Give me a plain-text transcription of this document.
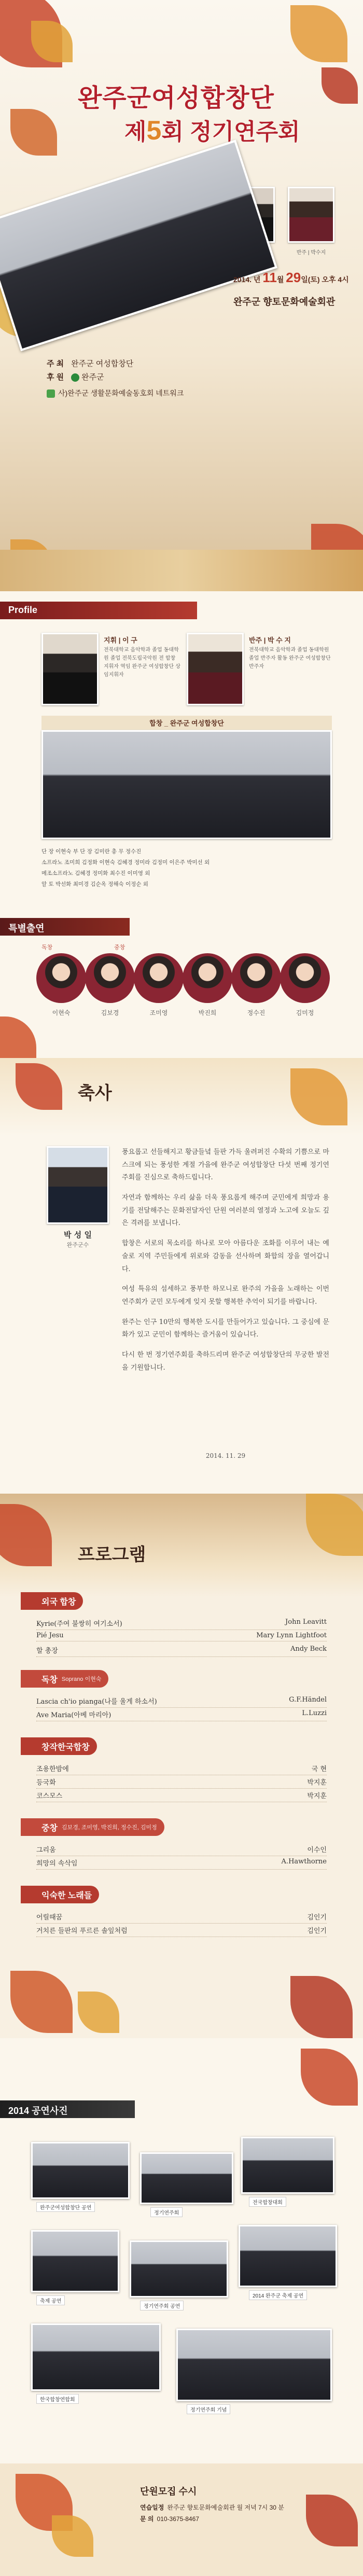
완주군여성합창단
제5회 정기연주회
반주 | 박수지
2014. 년 11월 29일(토) 오후 4시
완주군 향토문화예술회관
주 최 완주군 여성합창단
후 원 완주군
사)완주군 생활문화예술동호회 네트워크
Profile
지휘 | 이 구
전북대학교 음악학과 졸업 동대학원 졸업 전북도립국악원 전 합창 지휘자 역임 완주군 여성합창단 상임지휘자
반주 | 박 수 지
전북대학교 음악학과 졸업 동대학원 졸업 반주자 활동 완주군 여성합창단 반주자
합창 _ 완주군 여성합창단
단 장 이현숙 부 단 장 김미란 총 무 정수진
소프라노 조미희 김정화 이현숙 김혜경 정미라 김정미 이은주 박미선 외
메조소프라노 김혜경 정미화 최수진 이미영 외
알 토 박선화 최미경 김순옥 정해숙 이정순 외
특별출연
독창	중창
이현숙	김보경	조미영	박진희	정수진	김미정
축사
박 성 일
완주군수

풍요롭고 선들해지고 황금들녘 들판 가득 울려퍼진 수확의 기쁨으로 마스크에 되는 풍성한 계절 가을에 완주군 여성합창단 다섯 번째 정기연주회를 진심으로 축하드립니다.

자연과 함께하는 우리 삶을 더욱 풍요롭게 해주며 군민에게 희망과 용기를 전달해주는 문화전달자인 단원 여러분의 열정과 노고에 오늘도 깊은 격려를 보냅니다.

합창은 서로의 목소리를 하나로 모아 아름다운 조화를 이루어 내는 예술로 지역 주민들에게 위로와 감동을 선사하며 화합의 장을 열어갑니다.

여성 특유의 섬세하고 풍부한 하모니로 완주의 가을을 노래하는 이번 연주회가 군민 모두에게 잊지 못할 행복한 추억이 되기를 바랍니다.

완주는 인구 10만의 행복한 도시를 만들어가고 있습니다. 그 중심에 문화가 있고 군민이 함께하는 즐거움이 있습니다.

다시 한 번 정기연주회를 축하드리며 완주군 여성합창단의 무궁한 발전을 기원합니다.

2014. 11. 29
프로그램
외국 합창
Kyrie(주여 불쌍히 여기소서)	John Leavitt
Pié Jesu	Mary Lynn Lightfoot
할 총장	Andy Beck
독창 Soprano 이현숙
Lascia ch'io pianga(나를 울게 하소서)	G.F.Händel
Ave Maria(아베 마리아)	L.Luzzi
창작한국합창
조용한밤에	국 현
등국화	박지훈
코스모스	박지훈
중창 김보경, 조미영, 박진희, 정수진, 김미정
그리움	이수인
희망의 속삭임	A.Hawthorne
익숙한 노래들
어릴때꿈	김인기
거치른 들판의 푸르른 솔잎처럼	김인기
2014 공연사진
완주군여성합창단 공연
정기연주회
전국합창대회
축제 공연
정기연주회 공연
2014 완주군 축제 공연
한국합창연합회
정기연주회 기념
단원모집 수시
연습일정 완주군 향토문화예술회관 월 저녁 7시 30 분
문 의 010-3675-8467
